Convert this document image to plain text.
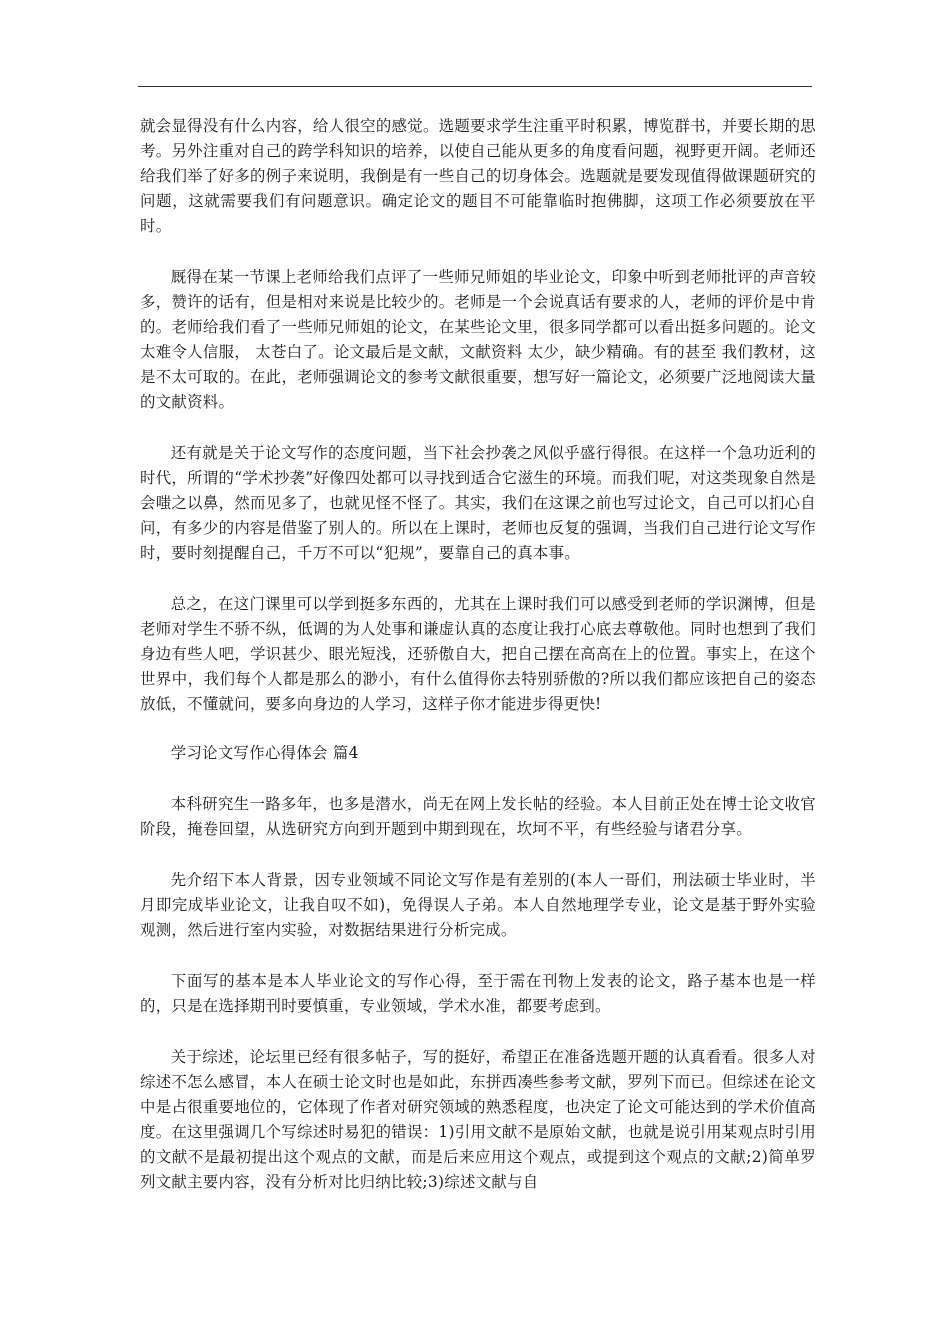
就会显得没有什么内容，给人很空的感觉。选题要求学生注重平时积累，博览群书，并要长期的思考。另外注重对自己的跨学科知识的培养，以使自己能从更多的角度看问题，视野更开阔。老师还给我们举了好多的例子来说明，我倒是有一些自己的切身体会。选题就是要发现值得做课题研究的问题，这就需要我们有问题意识。确定论文的题目不可能靠临时抱佛脚，这项工作必须要放在平时。

厩得在某一节课上老师给我们点评了一些师兄师姐的毕业论文，印象中听到老师批评的声音较多，赞许的话有，但是相对来说是比较少的。老师是一个会说真话有要求的人，老师的评价是中肯的。老师给我们看了一些师兄师姐的论文，在某些论文里，很多同学都可以看出挺多问题的。论文太难令人信服， 太苍白了。论文最后是文献，文献资料 太少，缺少精确。有的甚至 我们教材，这是不太可取的。在此，老师强调论文的参考文献很重要，想写好一篇论文，必须要广泛地阅读大量的文献资料。

还有就是关于论文写作的态度问题，当下社会抄袭之风似乎盛行得很。在这样一个急功近利的时代，所谓的“学术抄袭”好像四处都可以寻找到适合它滋生的环境。而我们呢，对这类现象自然是会嗤之以鼻，然而见多了，也就见怪不怪了。其实，我们在这课之前也写过论文，自己可以扪心自问，有多少的内容是借鉴了别人的。所以在上课时，老师也反复的强调，当我们自己进行论文写作时，要时刻提醒自己，千万不可以“犯规”，要靠自己的真本事。

总之，在这门课里可以学到挺多东西的，尤其在上课时我们可以感受到老师的学识渊博，但是老师对学生不骄不纵，低调的为人处事和谦虚认真的态度让我打心底去尊敬他。同时也想到了我们身边有些人吧，学识甚少、眼光短浅，还骄傲自大，把自己摆在高高在上的位置。事实上，在这个世界中，我们每个人都是那么的渺小，有什么值得你去特别骄傲的?所以我们都应该把自己的姿态放低，不懂就问，要多向身边的人学习，这样子你才能进步得更快!

学习论文写作心得体会 篇4

本科研究生一路多年，也多是潜水，尚无在网上发长帖的经验。本人目前正处在博士论文收官阶段，掩卷回望，从选研究方向到开题到中期到现在，坎坷不平，有些经验与诸君分享。

先介绍下本人背景，因专业领域不同论文写作是有差别的(本人一哥们，刑法硕士毕业时，半月即完成毕业论文，让我自叹不如)，免得误人子弟。本人自然地理学专业，论文是基于野外实验观测，然后进行室内实验，对数据结果进行分析完成。

下面写的基本是本人毕业论文的写作心得，至于需在刊物上发表的论文，路子基本也是一样的，只是在选择期刊时要慎重，专业领域，学术水准，都要考虑到。

关于综述，论坛里已经有很多帖子，写的挺好，希望正在准备选题开题的认真看看。很多人对综述不怎么感冒，本人在硕士论文时也是如此，东拼西凑些参考文献，罗列下而已。但综述在论文中是占很重要地位的，它体现了作者对研究领域的熟悉程度，也决定了论文可能达到的学术价值高度。在这里强调几个写综述时易犯的错误：1)引用文献不是原始文献，也就是说引用某观点时引用的文献不是最初提出这个观点的文献，而是后来应用这个观点，或提到这个观点的文献;2)简单罗列文献主要内容，没有分析对比归纳比较;3)综述文献与自
